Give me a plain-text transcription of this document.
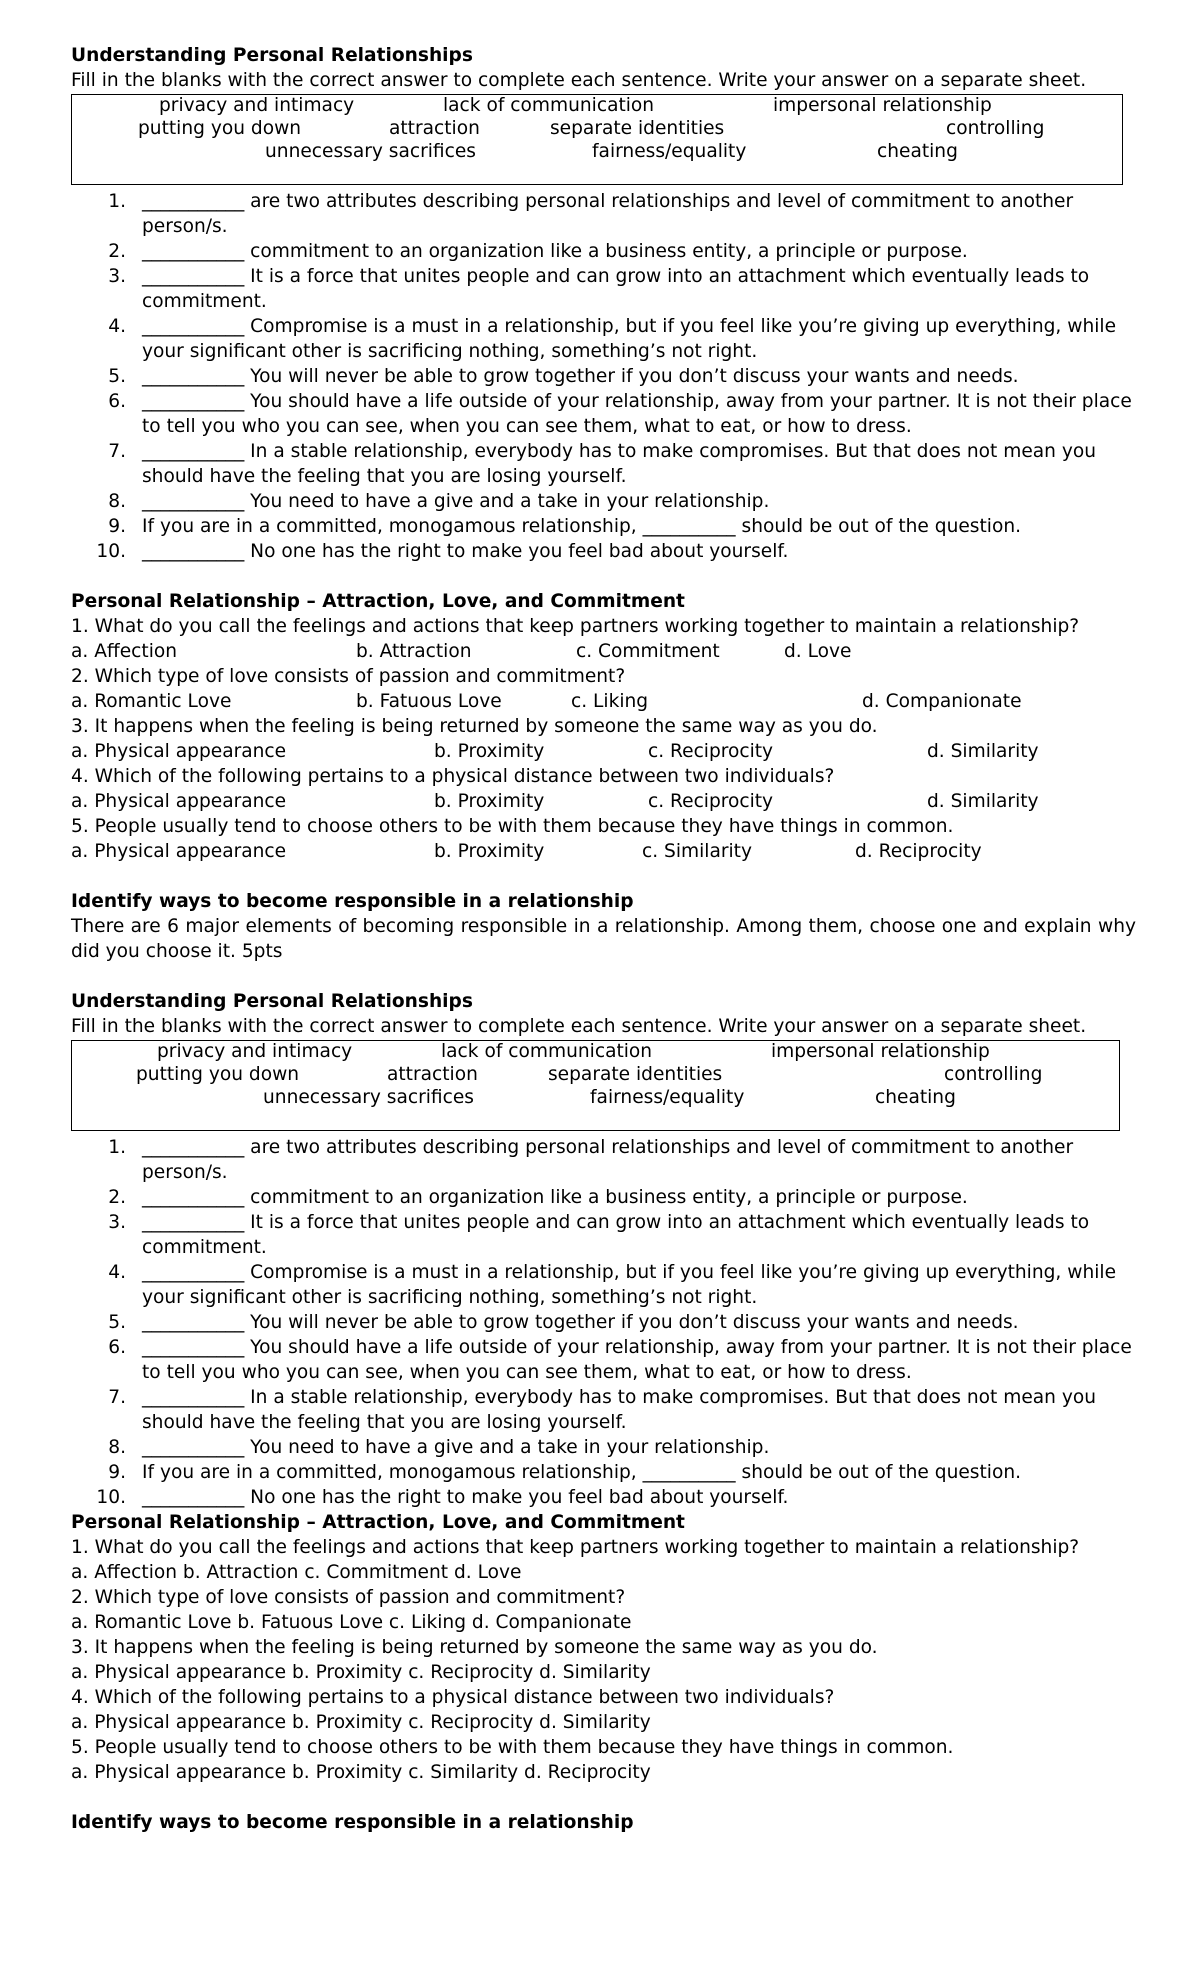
Understanding Personal Relationships
Fill in the blanks with the correct answer to complete each sentence. Write your answer on a separate sheet.
privacy and intimacy	lack of communication	impersonal relationship
putting you down	attraction	separate identities	controlling
unnecessary sacrifices	fairness/equality	cheating
1. ___________ are two attributes describing personal relationships and level of commitment to another person/s.
2. ___________ commitment to an organization like a business entity, a principle or purpose.
3. ___________ It is a force that unites people and can grow into an attachment which eventually leads to commitment.
4. ___________ Compromise is a must in a relationship, but if you feel like you’re giving up everything, while your significant other is sacrificing nothing, something’s not right.
5. ___________ You will never be able to grow together if you don’t discuss your wants and needs.
6. ___________ You should have a life outside of your relationship, away from your partner. It is not their place to tell you who you can see, when you can see them, what to eat, or how to dress.
7. ___________ In a stable relationship, everybody has to make compromises. But that does not mean you should have the feeling that you are losing yourself.
8. ___________ You need to have a give and a take in your relationship.
9. If you are in a committed, monogamous relationship, __________ should be out of the question.
10. ___________ No one has the right to make you feel bad about yourself.
Personal Relationship – Attraction, Love, and Commitment
1. What do you call the feelings and actions that keep partners working together to maintain a relationship?
a. Affection	b. Attraction	c. Commitment	d. Love
2. Which type of love consists of passion and commitment?
a. Romantic Love	b. Fatuous Love	c. Liking	d. Companionate
3. It happens when the feeling is being returned by someone the same way as you do.
a. Physical appearance	b. Proximity	c. Reciprocity	d. Similarity
4. Which of the following pertains to a physical distance between two individuals?
a. Physical appearance	b. Proximity	c. Reciprocity	d. Similarity
5. People usually tend to choose others to be with them because they have things in common.
a. Physical appearance	b. Proximity	c. Similarity	d. Reciprocity
Identify ways to become responsible in a relationship
There are 6 major elements of becoming responsible in a relationship. Among them, choose one and explain why did you choose it. 5pts
Understanding Personal Relationships
Fill in the blanks with the correct answer to complete each sentence. Write your answer on a separate sheet.
privacy and intimacy	lack of communication	impersonal relationship
putting you down	attraction	separate identities	controlling
unnecessary sacrifices	fairness/equality	cheating
1. ___________ are two attributes describing personal relationships and level of commitment to another person/s.
2. ___________ commitment to an organization like a business entity, a principle or purpose.
3. ___________ It is a force that unites people and can grow into an attachment which eventually leads to commitment.
4. ___________ Compromise is a must in a relationship, but if you feel like you’re giving up everything, while your significant other is sacrificing nothing, something’s not right.
5. ___________ You will never be able to grow together if you don’t discuss your wants and needs.
6. ___________ You should have a life outside of your relationship, away from your partner. It is not their place to tell you who you can see, when you can see them, what to eat, or how to dress.
7. ___________ In a stable relationship, everybody has to make compromises. But that does not mean you should have the feeling that you are losing yourself.
8. ___________ You need to have a give and a take in your relationship.
9. If you are in a committed, monogamous relationship, __________ should be out of the question.
10. ___________ No one has the right to make you feel bad about yourself.
Personal Relationship – Attraction, Love, and Commitment
1. What do you call the feelings and actions that keep partners working together to maintain a relationship?
a. Affection b. Attraction c. Commitment d. Love
2. Which type of love consists of passion and commitment?
a. Romantic Love b. Fatuous Love c. Liking d. Companionate
3. It happens when the feeling is being returned by someone the same way as you do.
a. Physical appearance b. Proximity c. Reciprocity d. Similarity
4. Which of the following pertains to a physical distance between two individuals?
a. Physical appearance b. Proximity c. Reciprocity d. Similarity
5. People usually tend to choose others to be with them because they have things in common.
a. Physical appearance b. Proximity c. Similarity d. Reciprocity
Identify ways to become responsible in a relationship
